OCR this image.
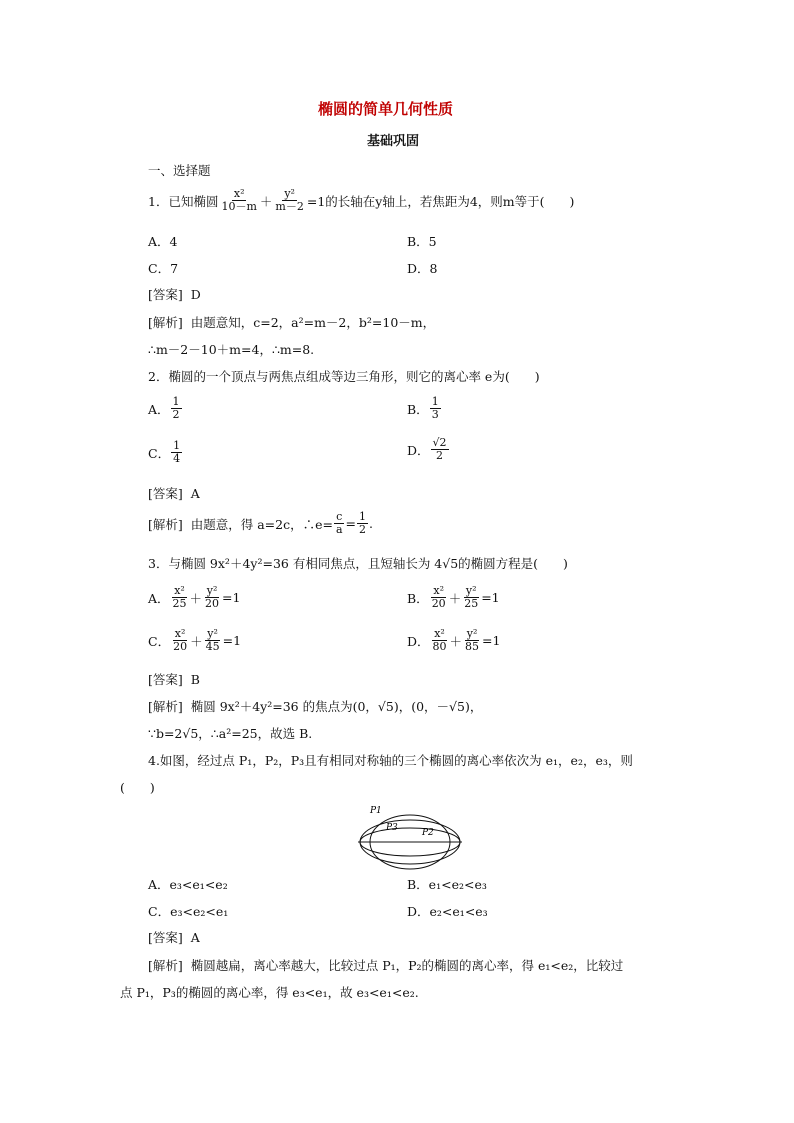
椭圆的简单几何性质
基础巩固
一、选择题
1．已知椭圆 $\frac{\text{x²}}{10-m} + \frac{\text{y²}}{m-2} =1$的长轴在y轴上，若焦距为4，则m等于(　　)
A．4	B．5
C．7	D．8
[答案] D
[解析] 由题意知，c=2，a²=m－2，b²=10－m，
∴m－2－10＋m=4，∴m=8.
2．椭圆的一个顶点与两焦点组成等边三角形，则它的离心率 e为(　　)
A． $\frac{1}{2}$	B． $\frac{1}{3}$
C． $\frac{1}{4}$	D． $\frac{√2}{2}$
[答案] A
[解析]
由题意，得 a=2c，∴e= $\frac{c}{a} = \frac{1}{2}$ .
3．与椭圆 9x²＋4y²=36 有相同焦点，且短轴长为 4√5的椭圆方程是(　　)
A． $\frac{\text{x²}}{25} + \frac{\text{y²}}{20} =1$	B． $\frac{\text{x²}}{20} + \frac{\text{y²}}{25} =1$
C． $\frac{\text{x²}}{20} + \frac{\text{y²}}{45} =1$	D． $\frac{\text{x²}}{80} + \frac{\text{y²}}{85} =1$
[答案] B
[解析] 椭圆 9x²＋4y²=36 的焦点为(0，√5)，(0，－√5)，
∵b=2√5，∴a²=25，故选 B.
4.如图，经过点 P₁，P₂，P₃且有相同对称轴的三个椭圆的离心率依次为 e₁，e₂，e₃，则
(　　)
P1
P3	P2
A．e₃<e₁<e₂	B．e₁<e₂<e₃
C．e₃<e₂<e₁	D．e₂<e₁<e₃
[答案] A
[解析] 椭圆越扁，离心率越大，比较过点 P₁，P₂的椭圆的离心率，得 e₁<e₂，比较过
点 P₁，P₃的椭圆的离心率，得 e₃<e₁，故 e₃<e₁<e₂.
